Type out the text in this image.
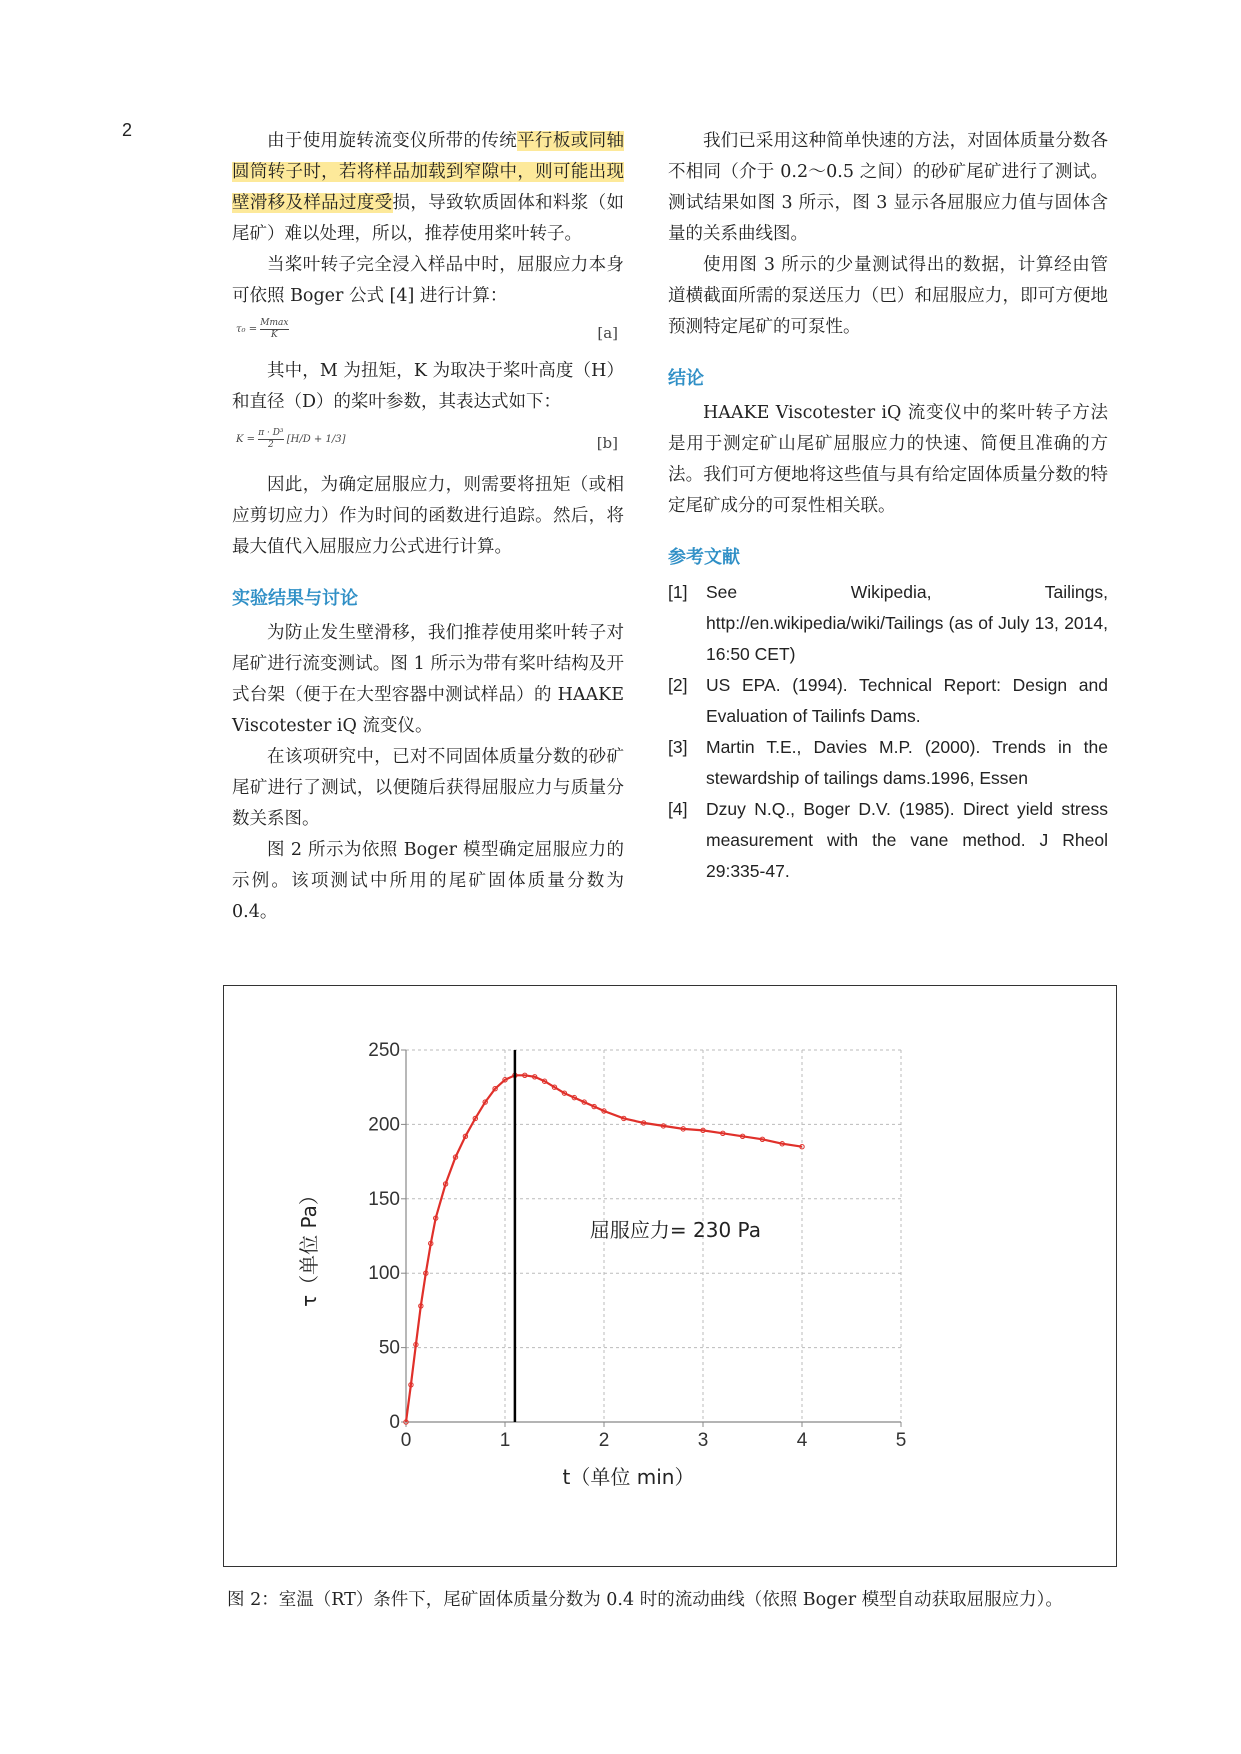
2

由于使用旋转流变仪所带的传统平行板或同轴圆筒转子时，若将样品加载到窄隙中，则可能出现壁滑移及样品过度受损，导致软质固体和料浆（如尾矿）难以处理，所以，推荐使用桨叶转子。

当桨叶转子完全浸入样品中时，屈服应力本身可依照 Boger 公式 [4] 进行计算：

$\tau_0 = \frac{Mmax}{K}$	[a]

其中，M 为扭矩，K 为取决于桨叶高度（H）和直径（D）的桨叶参数，其表达式如下：

$K = \frac{\text{π · D³}}{2} [H/D + 1/3]$	[b]

因此，为确定屈服应力，则需要将扭矩（或相应剪切应力）作为时间的函数进行追踪。然后，将最大值代入屈服应力公式进行计算。

实验结果与讨论

为防止发生壁滑移，我们推荐使用桨叶转子对尾矿进行流变测试。图 1 所示为带有桨叶结构及开式台架（便于在大型容器中测试样品）的 HAAKE Viscotester iQ 流变仪。

在该项研究中，已对不同固体质量分数的砂矿尾矿进行了测试，以便随后获得屈服应力与质量分数关系图。

图 2 所示为依照 Boger 模型确定屈服应力的示例。该项测试中所用的尾矿固体质量分数为 0.4。

我们已采用这种简单快速的方法，对固体质量分数各不相同（介于 0.2～0.5 之间）的砂矿尾矿进行了测试。测试结果如图 3 所示，图 3 显示各屈服应力值与固体含量的关系曲线图。

使用图 3 所示的少量测试得出的数据，计算经由管道横截面所需的泵送压力（巴）和屈服应力，即可方便地预测特定尾矿的可泵性。

结论

HAAKE Viscotester iQ 流变仪中的桨叶转子方法是用于测定矿山尾矿屈服应力的快速、简便且准确的方法。我们可方便地将这些值与具有给定固体质量分数的特定尾矿成分的可泵性相关联。

参考文献

[1]	See Wikipedia, Tailings, http://en.wikipedia/wiki/Tailings (as of July 13, 2014, 16:50 CET)
[2]	US EPA. (1994). Technical Report: Design and Evaluation of Tailinfs Dams.
[3]	Martin T.E., Davies M.P. (2000). Trends in the stewardship of tailings dams.1996, Essen
[4]	Dzuy N.Q., Boger D.V. (1985). Direct yield stress measurement with the vane method. J Rheol 29:335-47.
0
50
100
150
200
250
0	1	2	3	4	5
t（单位 min）
τ（单位 Pa）	屈服应力= 230 Pa
图 2：室温（RT）条件下，尾矿固体质量分数为 0.4 时的流动曲线（依照 Boger 模型自动获取屈服应力）。
